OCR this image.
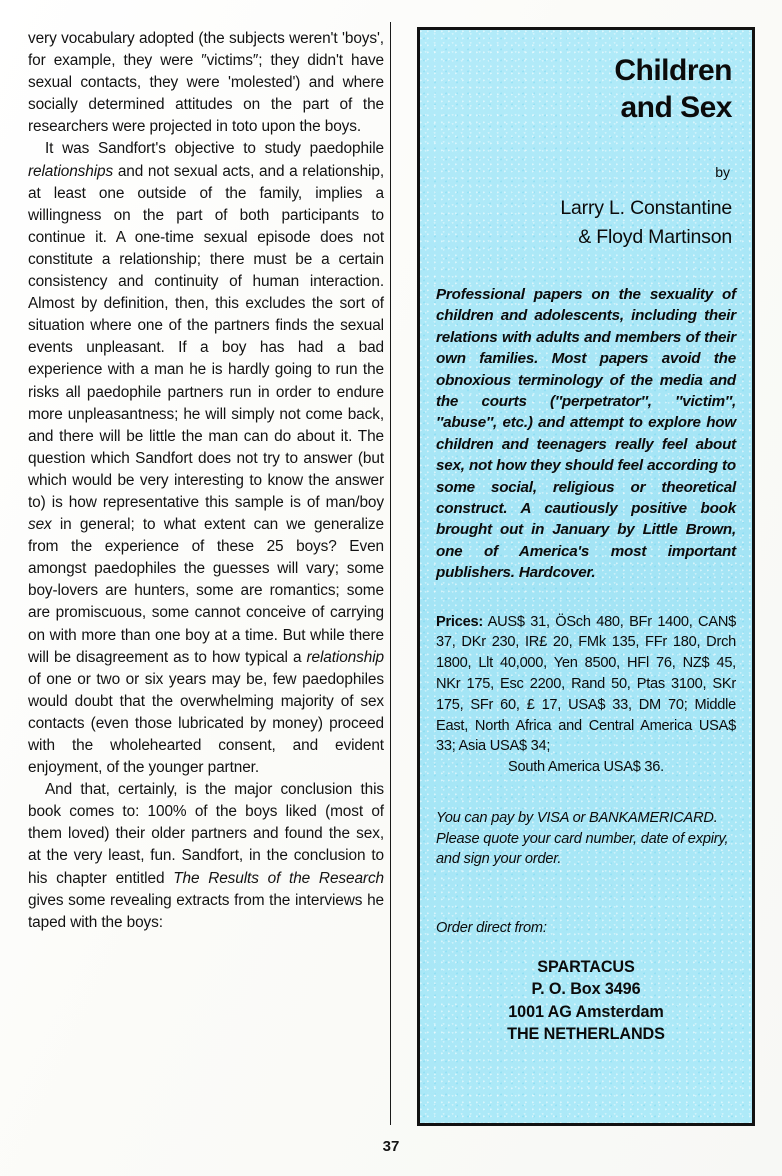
very vocabulary adopted (the subjects weren't 'boys', for example, they were ″victims″; they didn't have sexual contacts, they were 'molested') and where socially determined attitudes on the part of the researchers were projected in toto upon the boys.

It was Sandfort's objective to study paedophile relationships and not sexual acts, and a relationship, at least one outside of the family, implies a willingness on the part of both participants to continue it. A one-time sexual episode does not constitute a relationship; there must be a certain consistency and continuity of human interaction. Almost by definition, then, this excludes the sort of situation where one of the partners finds the sexual events unpleasant. If a boy has had a bad experience with a man he is hardly going to run the risks all paedophile partners run in order to endure more unpleasantness; he will simply not come back, and there will be little the man can do about it. The question which Sandfort does not try to answer (but which would be very interesting to know the answer to) is how representative this sample is of man/boy sex in general; to what extent can we generalize from the experience of these 25 boys? Even amongst paedophiles the guesses will vary; some boy-lovers are hunters, some are romantics; some are promiscuous, some cannot conceive of carrying on with more than one boy at a time. But while there will be disagreement as to how typical a relationship of one or two or six years may be, few paedophiles would doubt that the overwhelming majority of sex contacts (even those lubricated by money) proceed with the wholehearted consent, and evident enjoyment, of the younger partner.

And that, certainly, is the major conclusion this book comes to: 100% of the boys liked (most of them loved) their older partners and found the sex, at the very least, fun. Sandfort, in the conclusion to his chapter entitled The Results of the Research gives some revealing extracts from the interviews he taped with the boys:

Children
and Sex
by
Larry L. Constantine
& Floyd Martinson
Professional papers on the sexuality of children and adolescents, including their relations with adults and members of their own families. Most papers avoid the obnoxious terminology of the media and the courts (″perpetrator″, ″victim″, ″abuse″, etc.) and attempt to explore how children and teenagers really feel about sex, not how they should feel according to some social, religious or theoretical construct. A cautiously positive book brought out in January by Little Brown, one of America's most important publishers. Hardcover.
Prices: AUS$ 31, ÖSch 480, BFr 1400, CAN$ 37, DKr 230, IR£ 20, FMk 135, FFr 180, Drch 1800, Llt 40,000, Yen 8500, HFl 76, NZ$ 45, NKr 175, Esc 2200, Rand 50, Ptas 3100, SKr 175, SFr 60, £ 17, USA$ 33, DM 70; Middle East, North Africa and Central America USA$ 33; Asia USA$ 34;
South America USA$ 36.
You can pay by VISA or BANKAMERICARD. Please quote your card number, date of expiry, and sign your order.
Order direct from:
SPARTACUS
P. O. Box 3496
1001 AG Amsterdam
THE NETHERLANDS
37
